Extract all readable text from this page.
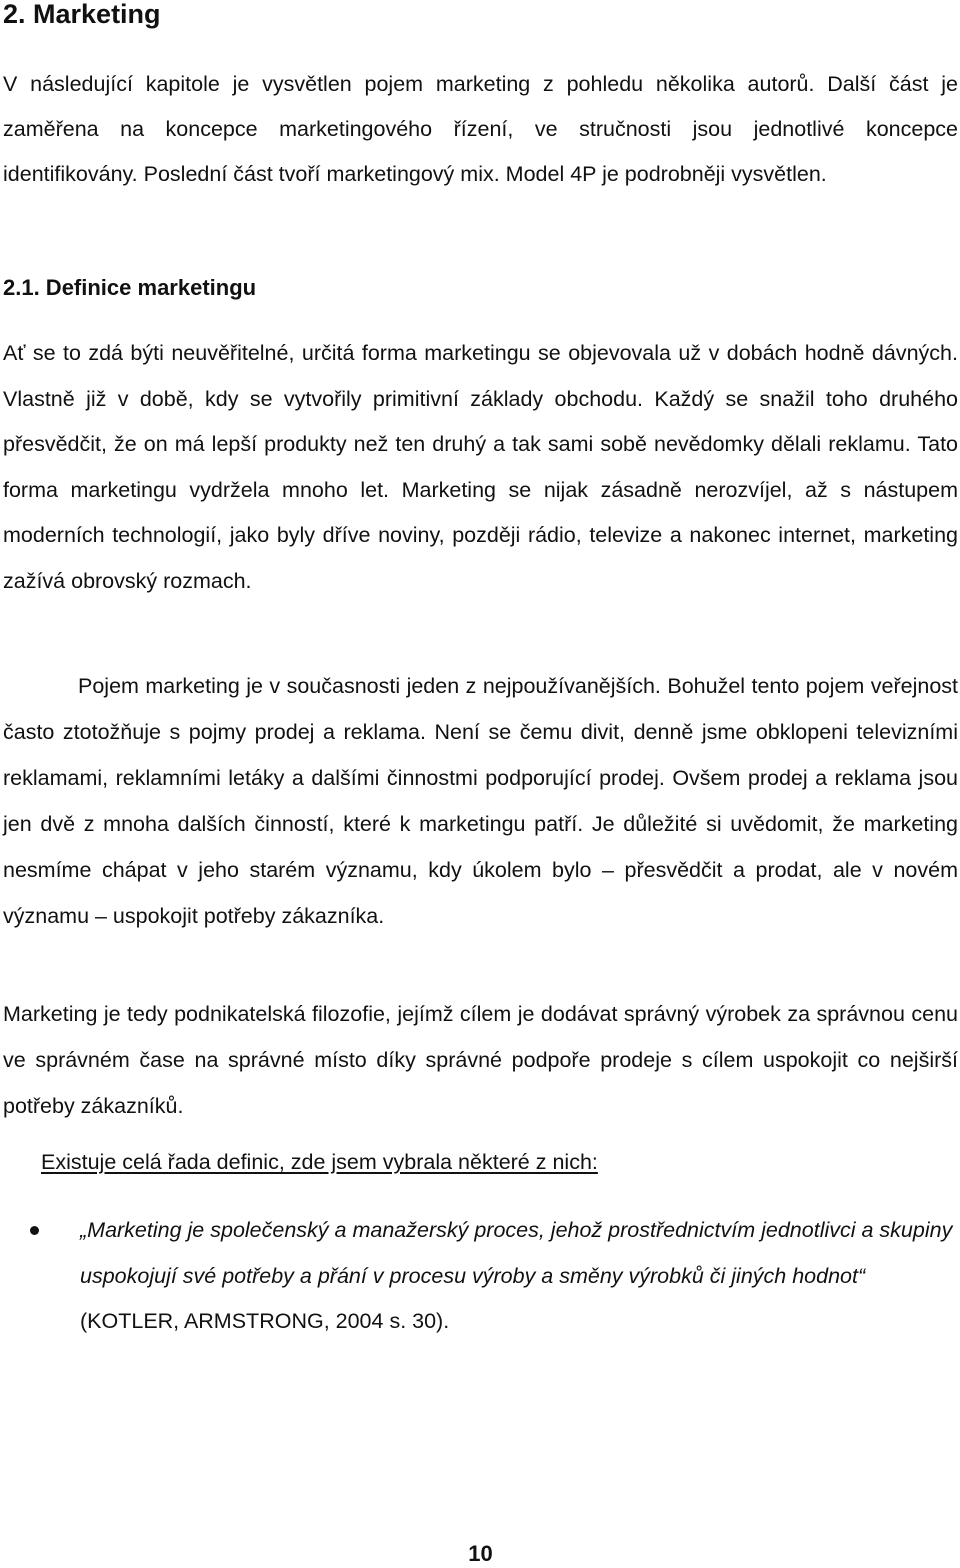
2. Marketing

V následující kapitole je vysvětlen pojem marketing z pohledu několika autorů. Další část je zaměřena na koncepce marketingového řízení, ve stručnosti jsou jednotlivé koncepce identifikovány. Poslední část tvoří marketingový mix. Model 4P je podrobněji vysvětlen.

2.1. Definice marketingu

Ať se to zdá býti neuvěřitelné, určitá forma marketingu se objevovala už v dobách hodně dávných. Vlastně již v době, kdy se vytvořily primitivní základy obchodu. Každý se snažil toho druhého přesvědčit, že on má lepší produkty než ten druhý a tak sami sobě nevědomky dělali reklamu. Tato forma marketingu vydržela mnoho let. Marketing se nijak zásadně nerozvíjel, až s nástupem moderních technologií, jako byly dříve noviny, později rádio, televize a nakonec internet, marketing zažívá obrovský rozmach.

Pojem marketing je v současnosti jeden z nejpoužívanějších. Bohužel tento pojem veřejnost často ztotožňuje s pojmy prodej a reklama. Není se čemu divit, denně jsme obklopeni televizními reklamami, reklamními letáky a dalšími činnostmi podporující prodej. Ovšem prodej a reklama jsou jen dvě z mnoha dalších činností, které k marketingu patří. Je důležité si uvědomit, že marketing nesmíme chápat v jeho starém významu, kdy úkolem bylo – přesvědčit a prodat, ale v novém významu – uspokojit potřeby zákazníka.

Marketing je tedy podnikatelská filozofie, jejímž cílem je dodávat správný výrobek za správnou cenu ve správném čase na správné místo díky správné podpoře prodeje s cílem uspokojit co nejširší potřeby zákazníků.

Existuje celá řada definic, zde jsem vybrala některé z nich:

„Marketing je společenský a manažerský proces, jehož prostřednictvím jednotlivci a skupiny uspokojují své potřeby a přání v procesu výroby a směny výrobků či jiných hodnot“ (KOTLER, ARMSTRONG, 2004 s. 30).
10
